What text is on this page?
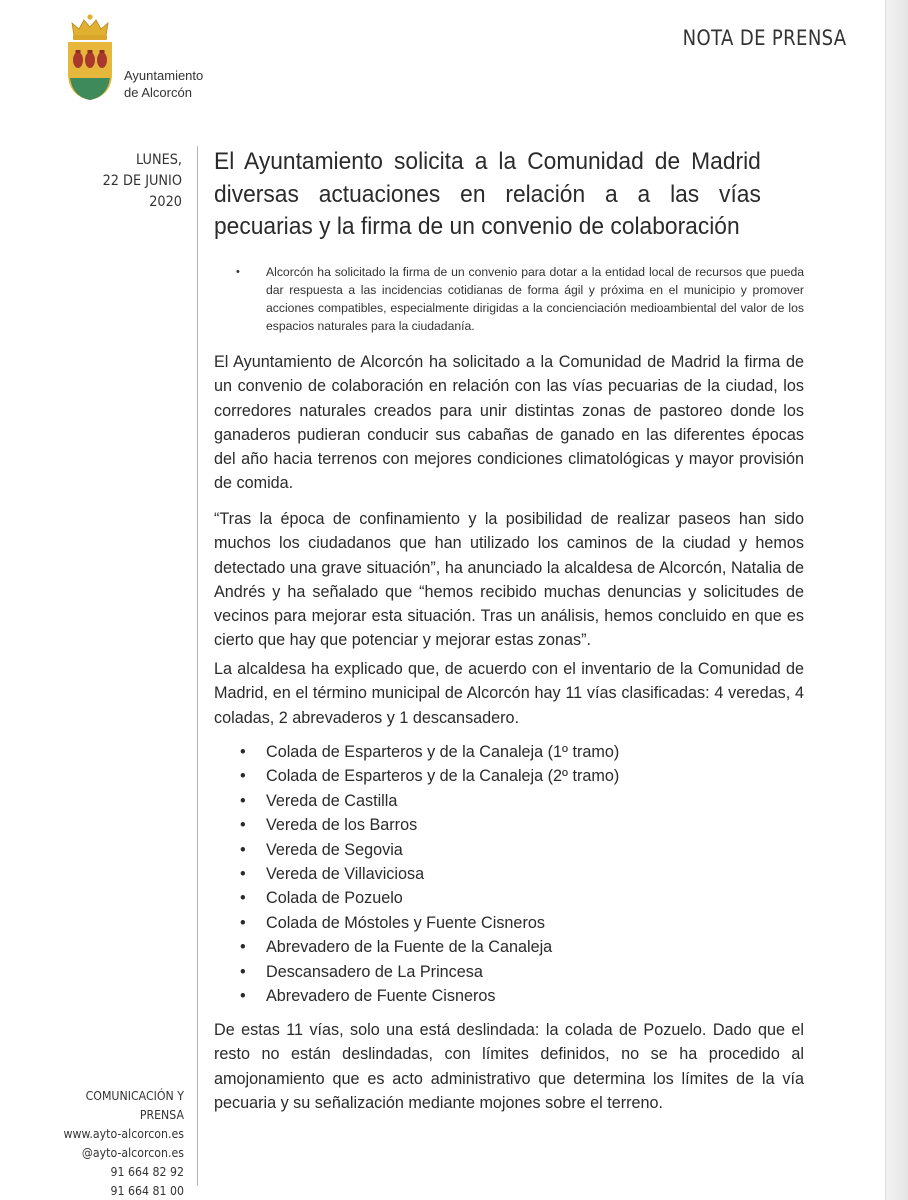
Ayuntamiento
de Alcorcón
NOTA DE PRENSA
LUNES,
22 DE JUNIO
2020
El Ayuntamiento solicita a la Comunidad de Madrid diversas actuaciones en relación a a las vías pecuarias y la firma de un convenio de colaboración
• Alcorcón ha solicitado la firma de un convenio para dotar a la entidad local de recursos que pueda dar respuesta a las incidencias cotidianas de forma ágil y próxima en el municipio y promover acciones compatibles, especialmente dirigidas a la concienciación medioambiental del valor de los espacios naturales para la ciudadanía.

El Ayuntamiento de Alcorcón ha solicitado a la Comunidad de Madrid la firma de un convenio de colaboración en relación con las vías pecuarias de la ciudad, los corredores naturales creados para unir distintas zonas de pastoreo donde los ganaderos pudieran conducir sus cabañas de ganado en las diferentes épocas del año hacia terrenos con mejores condiciones climatológicas y mayor provisión de comida.

“Tras la época de confinamiento y la posibilidad de realizar paseos han sido muchos los ciudadanos que han utilizado los caminos de la ciudad y hemos detectado una grave situación”, ha anunciado la alcaldesa de Alcorcón, Natalia de Andrés y ha señalado que “hemos recibido muchas denuncias y solicitudes de vecinos para mejorar esta situación. Tras un análisis, hemos concluido en que es cierto que hay que potenciar y mejorar estas zonas”.

La alcaldesa ha explicado que, de acuerdo con el inventario de la Comunidad de Madrid, en el término municipal de Alcorcón hay 11 vías clasificadas: 4 veredas, 4 coladas, 2 abrevaderos y 1 descansadero.

• Colada de Esparteros y de la Canaleja (1º tramo)
• Colada de Esparteros y de la Canaleja (2º tramo)
• Vereda de Castilla
• Vereda de los Barros
• Vereda de Segovia
• Vereda de Villaviciosa
• Colada de Pozuelo
• Colada de Móstoles y Fuente Cisneros
• Abrevadero de la Fuente de la Canaleja
• Descansadero de La Princesa
• Abrevadero de Fuente Cisneros

De estas 11 vías, solo una está deslindada: la colada de Pozuelo. Dado que el resto no están deslindadas, con límites definidos, no se ha procedido al amojonamiento que es acto administrativo que determina los límites de la vía pecuaria y su señalización mediante mojones sobre el terreno.

COMUNICACIÓN Y PRENSA
www.ayto-alcorcon.es
@ayto-alcorcon.es
91 664 82 92
91 664 81 00
